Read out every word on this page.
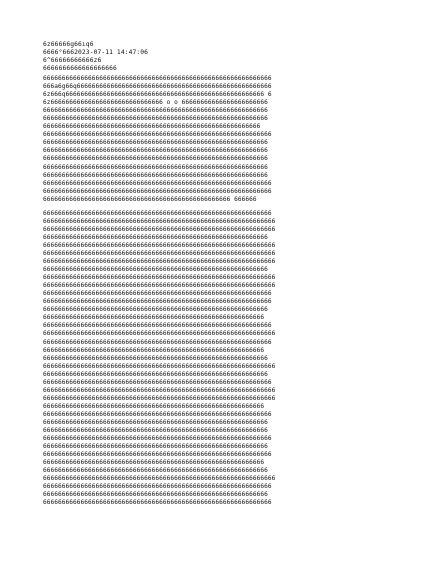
6z66666g66ıq6
6666°6662023-07-11 14:47:06
6^66666666666z6
6666666666666666666
6666666666666666666666666666666666666666666666666666666666666
666a6g66q6666666666666666666666666666666666666666666666666666
6z666q66666666666666666666666666666666666666666666666666666 6
6z666666666666666666666666666666 o o 66666666666666666666666
666666666666666666666666666666666666666666666666666666666666
666666666666666666666666666666666666666666666666666666666666
6666666666666666666666666666666666666666666666666666666666
6666666666666666666666666666666666666666666666666666666666666
666666666666666666666666666666666666666666666666666666666666
666666666666666666666666666666666666666666666666666666666666
666666666666666666666666666666666666666666666666666666666666
666666666666666666666666666666666666666666666666666666666666
666666666666666666666666666666666666666666666666666666666666
6666666666666666666666666666666666666666666666666666666666666
6666666666666666666666666666666666666666666666666666666666666
66666666666666666666666666666666666666666666666666 666666
6666666666666666666666666666666666666666666666666666666666666
66666666666666666666666666666666666666666666666666666666666666
66666666666666666666666666666666666666666666666666666666666666
666666666666666666666666666666666666666666666666666666666666
66666666666666666666666666666666666666666666666666666666666666
66666666666666666666666666666666666666666666666666666666666666
66666666666666666666666666666666666666666666666666666666666666
666666666666666666666666666666666666666666666666666666666666
66666666666666666666666666666666666666666666666666666666666666
66666666666666666666666666666666666666666666666666666666666666
6666666666666666666666666666666666666666666666666666666666666
6666666666666666666666666666666666666666666666666666666666666
666666666666666666666666666666666666666666666666666666666666
66666666666666666666666666666666666666666666666666666666666
6666666666666666666666666666666666666666666666666666666666666
66666666666666666666666666666666666666666666666666666666666666
6666666666666666666666666666666666666666666666666666666666666
66666666666666666666666666666666666666666666666666666666666
666666666666666666666666666666666666666666666666666666666666
66666666666666666666666666666666666666666666666666666666666666
666666666666666666666666666666666666666666666666666666666666
6666666666666666666666666666666666666666666666666666666666666
66666666666666666666666666666666666666666666666666666666666666
66666666666666666666666666666666666666666666666666666666666666
66666666666666666666666666666666666666666666666666666666666
6666666666666666666666666666666666666666666666666666666666666
666666666666666666666666666666666666666666666666666666666666
666666666666666666666666666666666666666666666666666666666666
6666666666666666666666666666666666666666666666666666666666666
666666666666666666666666666666666666666666666666666666666666
6666666666666666666666666666666666666666666666666666666666666
66666666666666666666666666666666666666666666666666666666666
666666666666666666666666666666666666666666666666666666666666
66666666666666666666666666666666666666666666666666666666666666
6666666666666666666666666666666666666666666666666666666666666
666666666666666666666666666666666666666666666666666666666666
6666666666666666666666666666666666666666666666666666666666666
